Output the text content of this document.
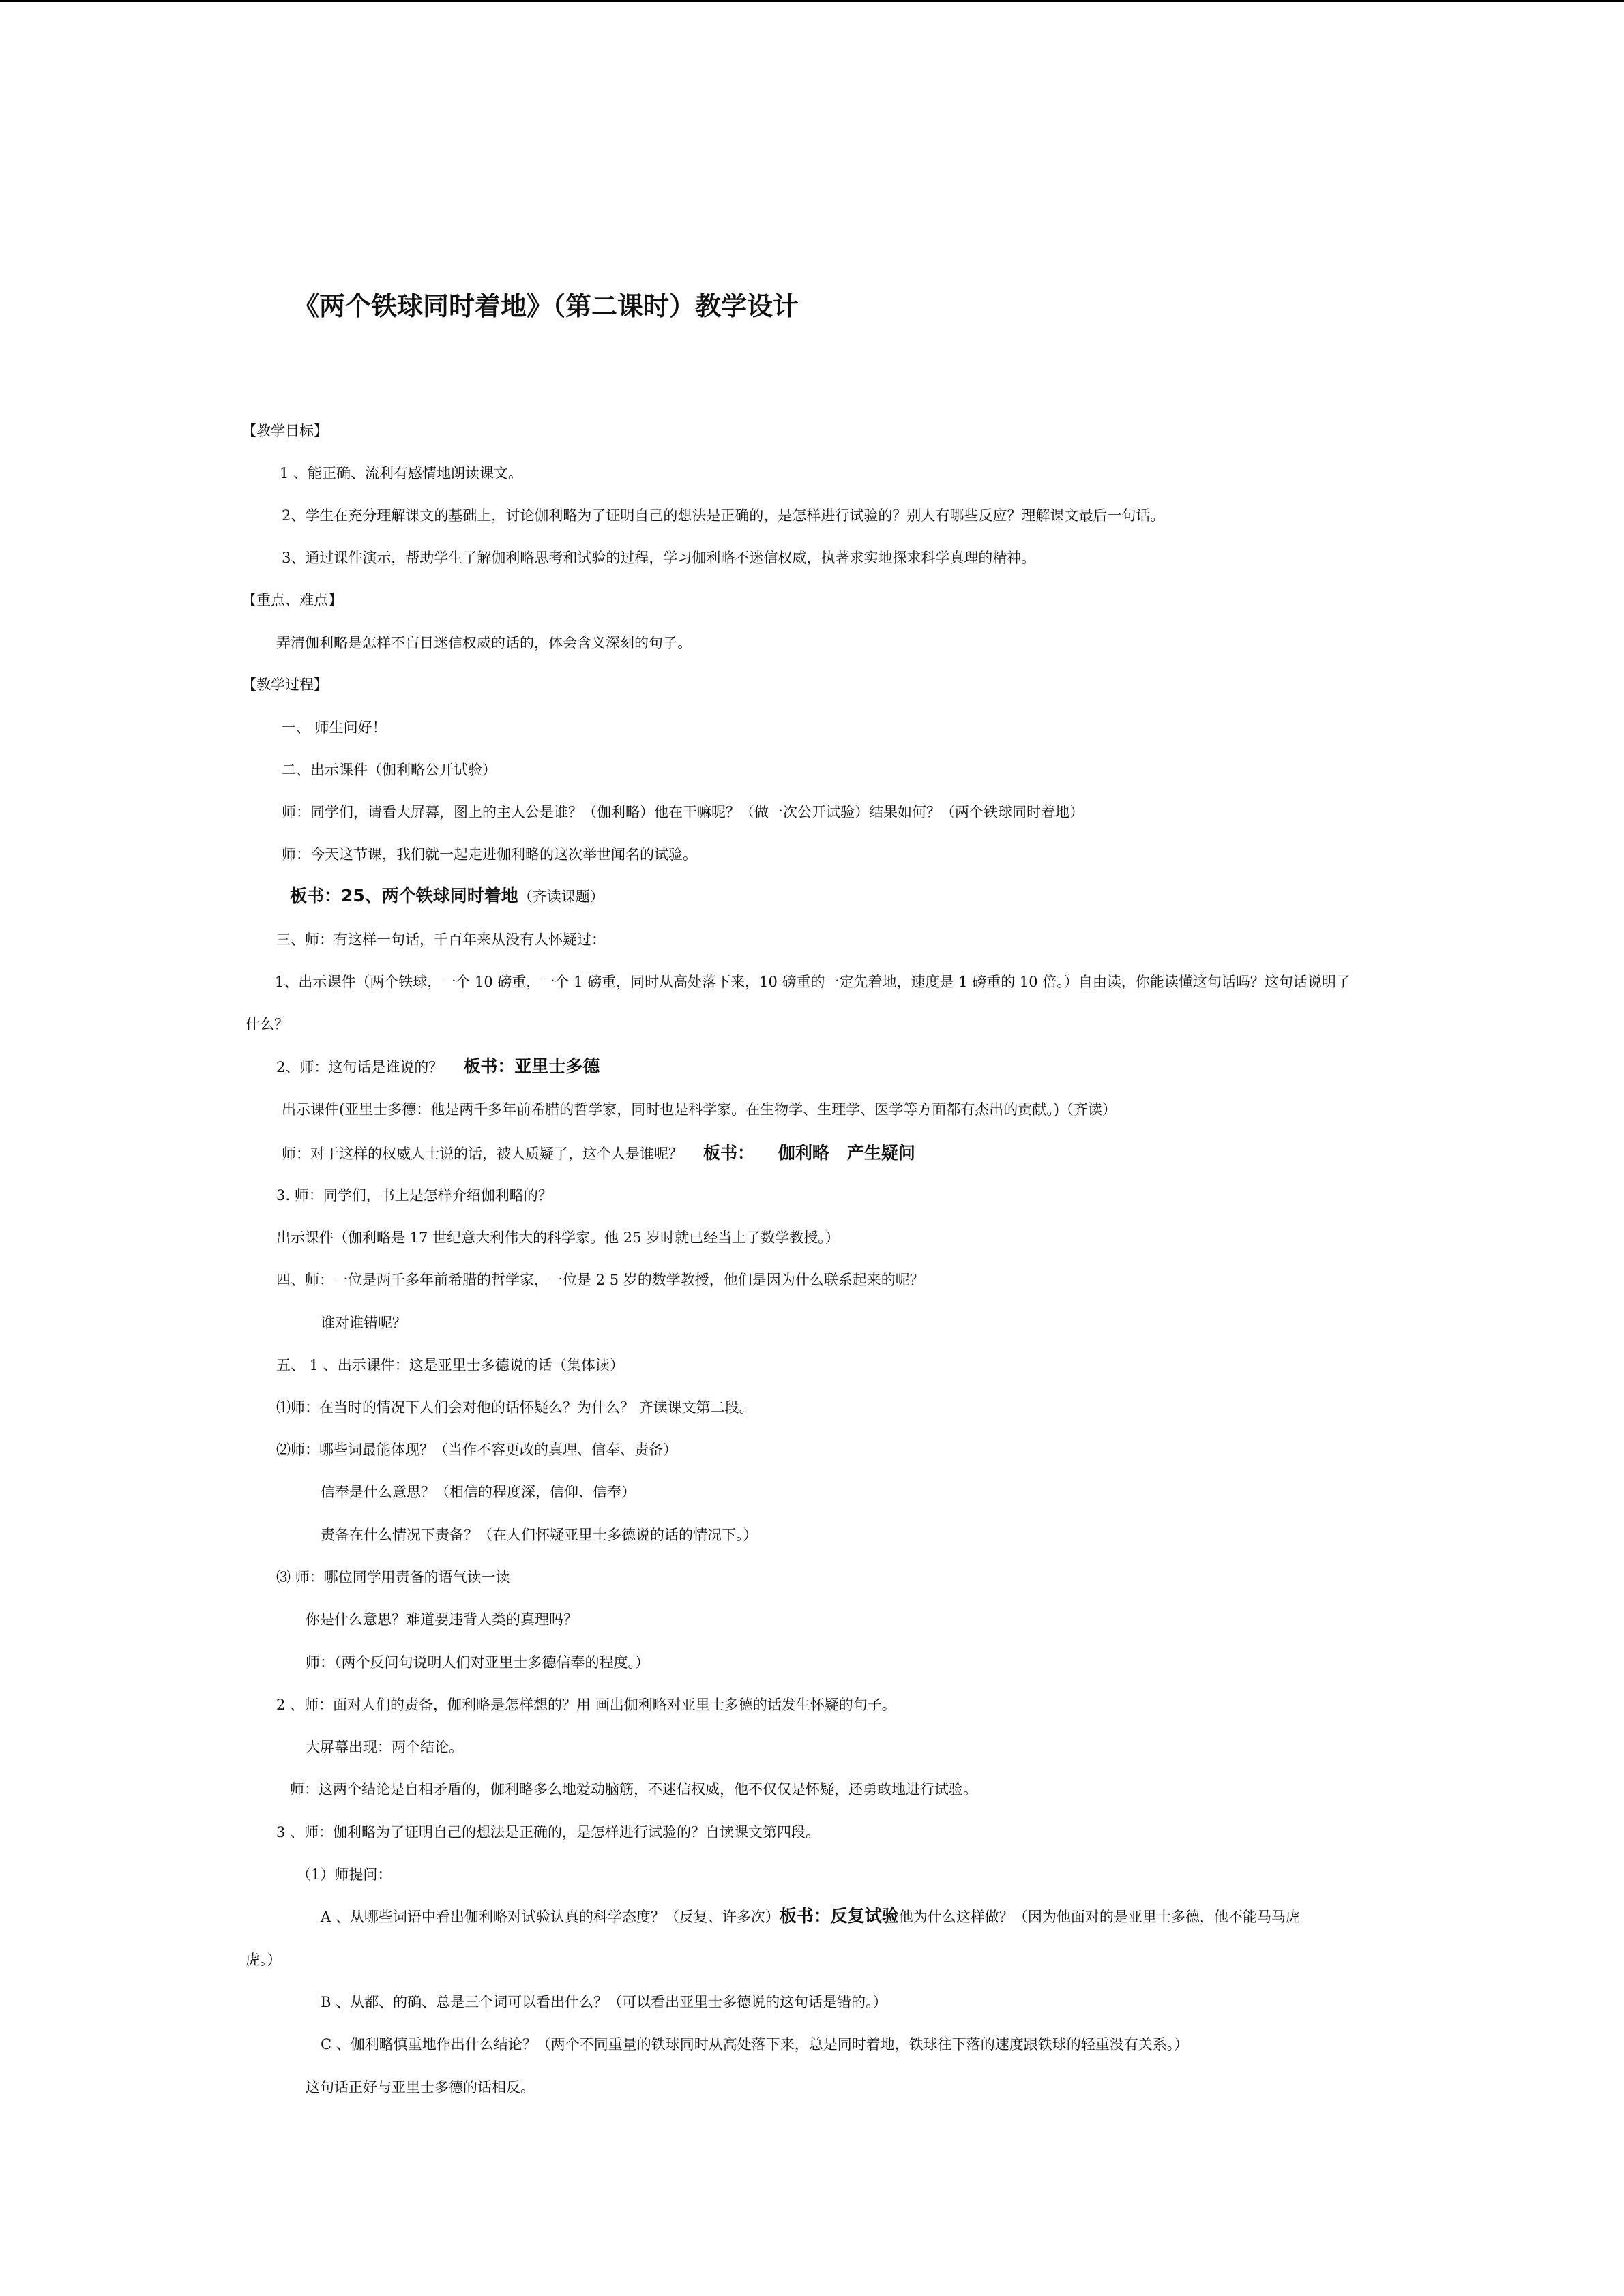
《两个铁球同时着地》（第二课时）教学设计
【教学目标】
1 、能正确、流利有感情地朗读课文。
2、学生在充分理解课文的基础上，讨论伽利略为了证明自己的想法是正确的，是怎样进行试验的？别人有哪些反应？理解课文最后一句话。
3、通过课件演示，帮助学生了解伽利略思考和试验的过程，学习伽利略不迷信权威，执著求实地探求科学真理的精神。
【重点、难点】
弄清伽利略是怎样不盲目迷信权威的话的，体会含义深刻的句子。
【教学过程】
一、 师生问好！
二、出示课件（伽利略公开试验）
师：同学们，请看大屏幕，图上的主人公是谁？（伽利略）他在干嘛呢？（做一次公开试验）结果如何？（两个铁球同时着地）
师：今天这节课，我们就一起走进伽利略的这次举世闻名的试验。
板书：25、两个铁球同时着地（齐读课题）
三、师：有这样一句话，千百年来从没有人怀疑过：
1、出示课件（两个铁球，一个 10 磅重，一个 1 磅重，同时从高处落下来，10 磅重的一定先着地，速度是 1 磅重的 10 倍。）自由读，你能读懂这句话吗？这句话说明了
什么？
2、师：这句话是谁说的？ 板书：亚里士多德
出示课件(亚里士多德：他是两千多年前希腊的哲学家，同时也是科学家。在生物学、生理学、医学等方面都有杰出的贡献。)（齐读）
师：对于这样的权威人士说的话，被人质疑了，这个人是谁呢？ 板书：    伽利略   产生疑问
3. 师：同学们，书上是怎样介绍伽利略的？
出示课件（伽利略是 17 世纪意大利伟大的科学家。他 25 岁时就已经当上了数学教授。）
四、师：一位是两千多年前希腊的哲学家，一位是 2 5 岁的数学教授，他们是因为什么联系起来的呢？
谁对谁错呢？
五、 1 、出示课件：这是亚里士多德说的话（集体读）
⑴师：在当时的情况下人们会对他的话怀疑么？为什么？ 齐读课文第二段。
⑵师：哪些词最能体现？（当作不容更改的真理、信奉、责备）
信奉是什么意思？（相信的程度深，信仰、信奉）
责备在什么情况下责备？（在人们怀疑亚里士多德说的话的情况下。）
⑶ 师：哪位同学用责备的语气读一读
你是什么意思？难道要违背人类的真理吗？
师：（两个反问句说明人们对亚里士多德信奉的程度。）
2 、师：面对人们的责备，伽利略是怎样想的？用 画出伽利略对亚里士多德的话发生怀疑的句子。
大屏幕出现：两个结论。
师：这两个结论是自相矛盾的，伽利略多么地爱动脑筋，不迷信权威，他不仅仅是怀疑，还勇敢地进行试验。
3 、师：伽利略为了证明自己的想法是正确的，是怎样进行试验的？自读课文第四段。
（1）师提问：
A 、从哪些词语中看出伽利略对试验认真的科学态度？（反复、许多次）板书：反复试验他为什么这样做？（因为他面对的是亚里士多德，他不能马马虎
虎。）
B 、从都、的确、总是三个词可以看出什么？（可以看出亚里士多德说的这句话是错的。）
C 、伽利略慎重地作出什么结论？（两个不同重量的铁球同时从高处落下来，总是同时着地，铁球往下落的速度跟铁球的轻重没有关系。）
这句话正好与亚里士多德的话相反。
